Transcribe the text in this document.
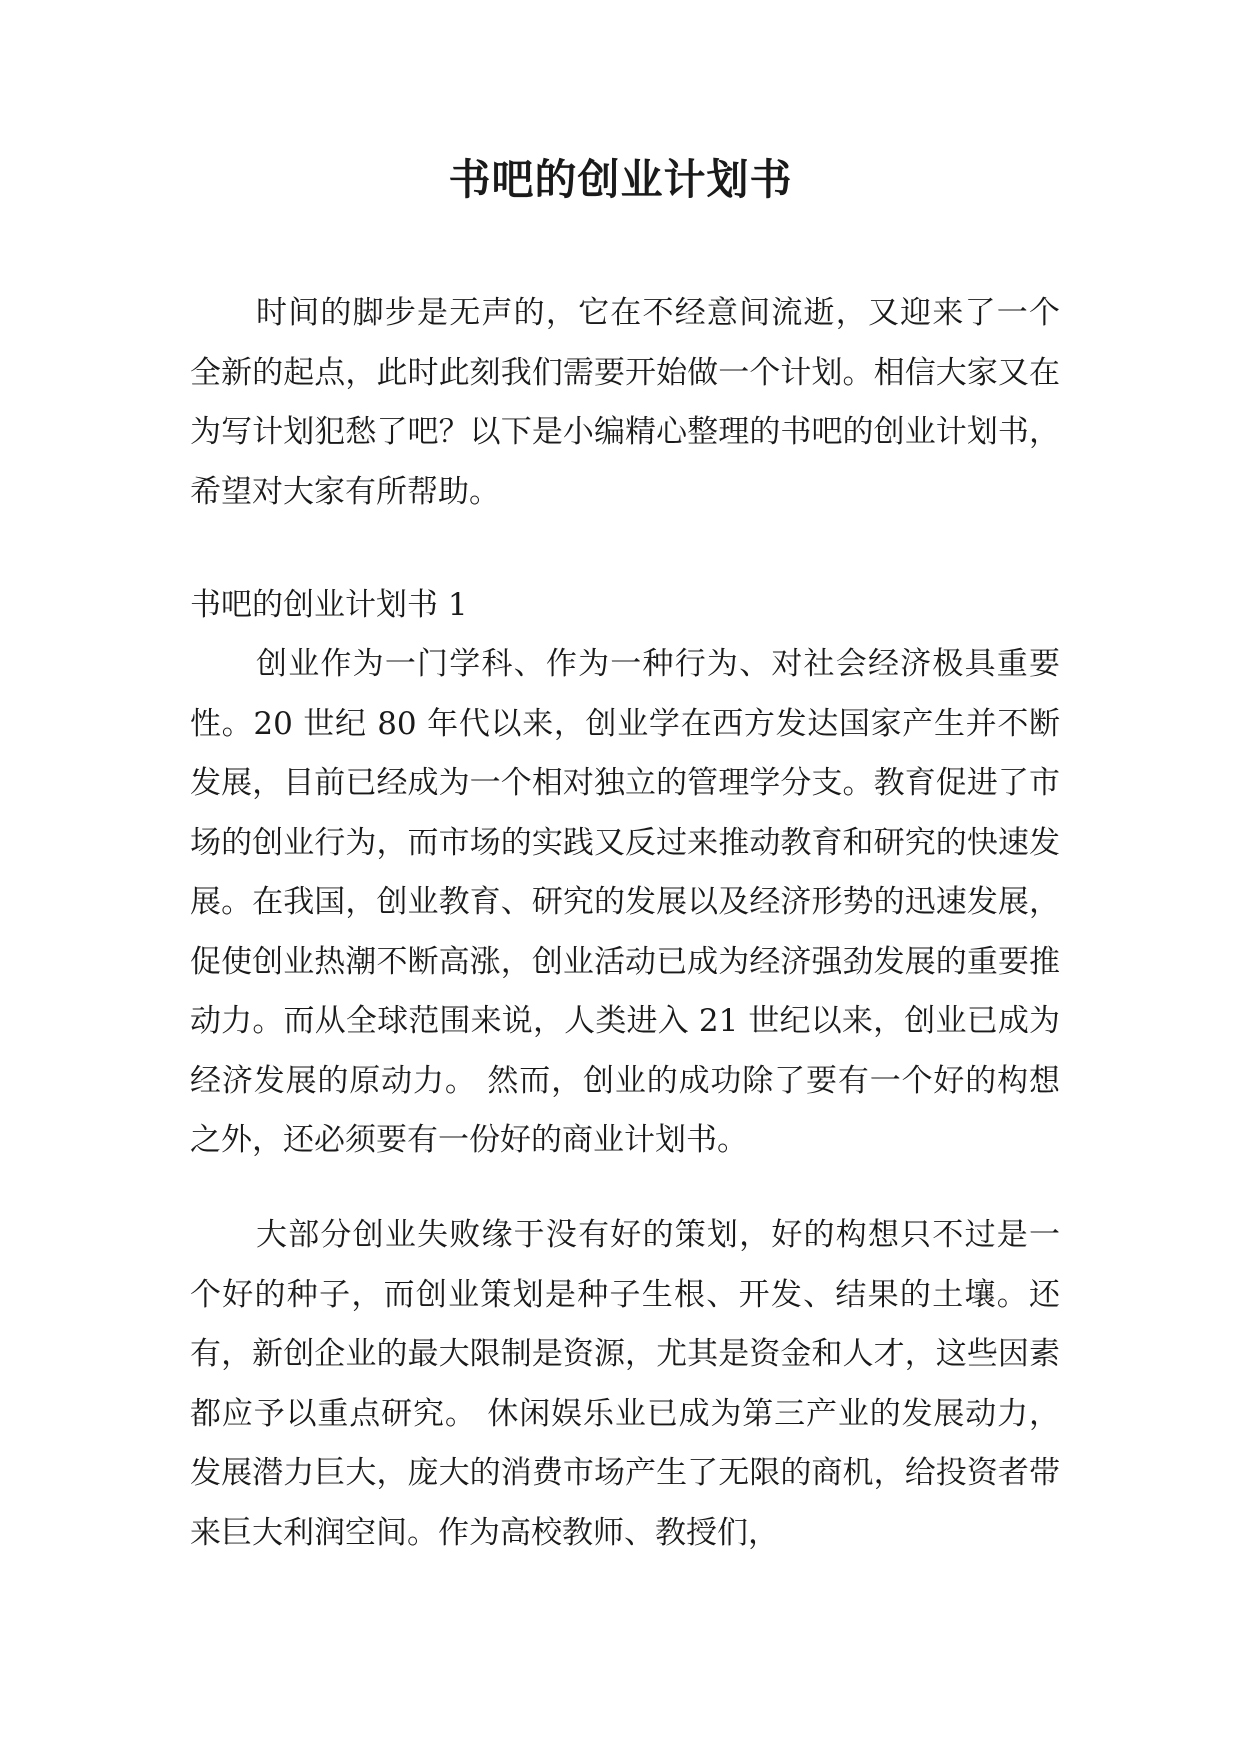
书吧的创业计划书

时间的脚步是无声的，它在不经意间流逝，又迎来了一个全新的起点，此时此刻我们需要开始做一个计划。相信大家又在为写计划犯愁了吧？以下是小编精心整理的书吧的创业计划书，希望对大家有所帮助。

书吧的创业计划书 1

创业作为一门学科、作为一种行为、对社会经济极具重要性。20 世纪 80 年代以来，创业学在西方发达国家产生并不断发展，目前已经成为一个相对独立的管理学分支。教育促进了市场的创业行为，而市场的实践又反过来推动教育和研究的快速发展。在我国，创业教育、研究的发展以及经济形势的迅速发展，促使创业热潮不断高涨，创业活动已成为经济强劲发展的重要推动力。而从全球范围来说，人类进入 21 世纪以来，创业已成为经济发展的原动力。 然而，创业的成功除了要有一个好的构想之外，还必须要有一份好的商业计划书。

大部分创业失败缘于没有好的策划，好的构想只不过是一个好的种子，而创业策划是种子生根、开发、结果的土壤。还有，新创企业的最大限制是资源，尤其是资金和人才，这些因素都应予以重点研究。 休闲娱乐业已成为第三产业的发展动力，发展潜力巨大，庞大的消费市场产生了无限的商机，给投资者带来巨大利润空间。作为高校教师、教授们，
